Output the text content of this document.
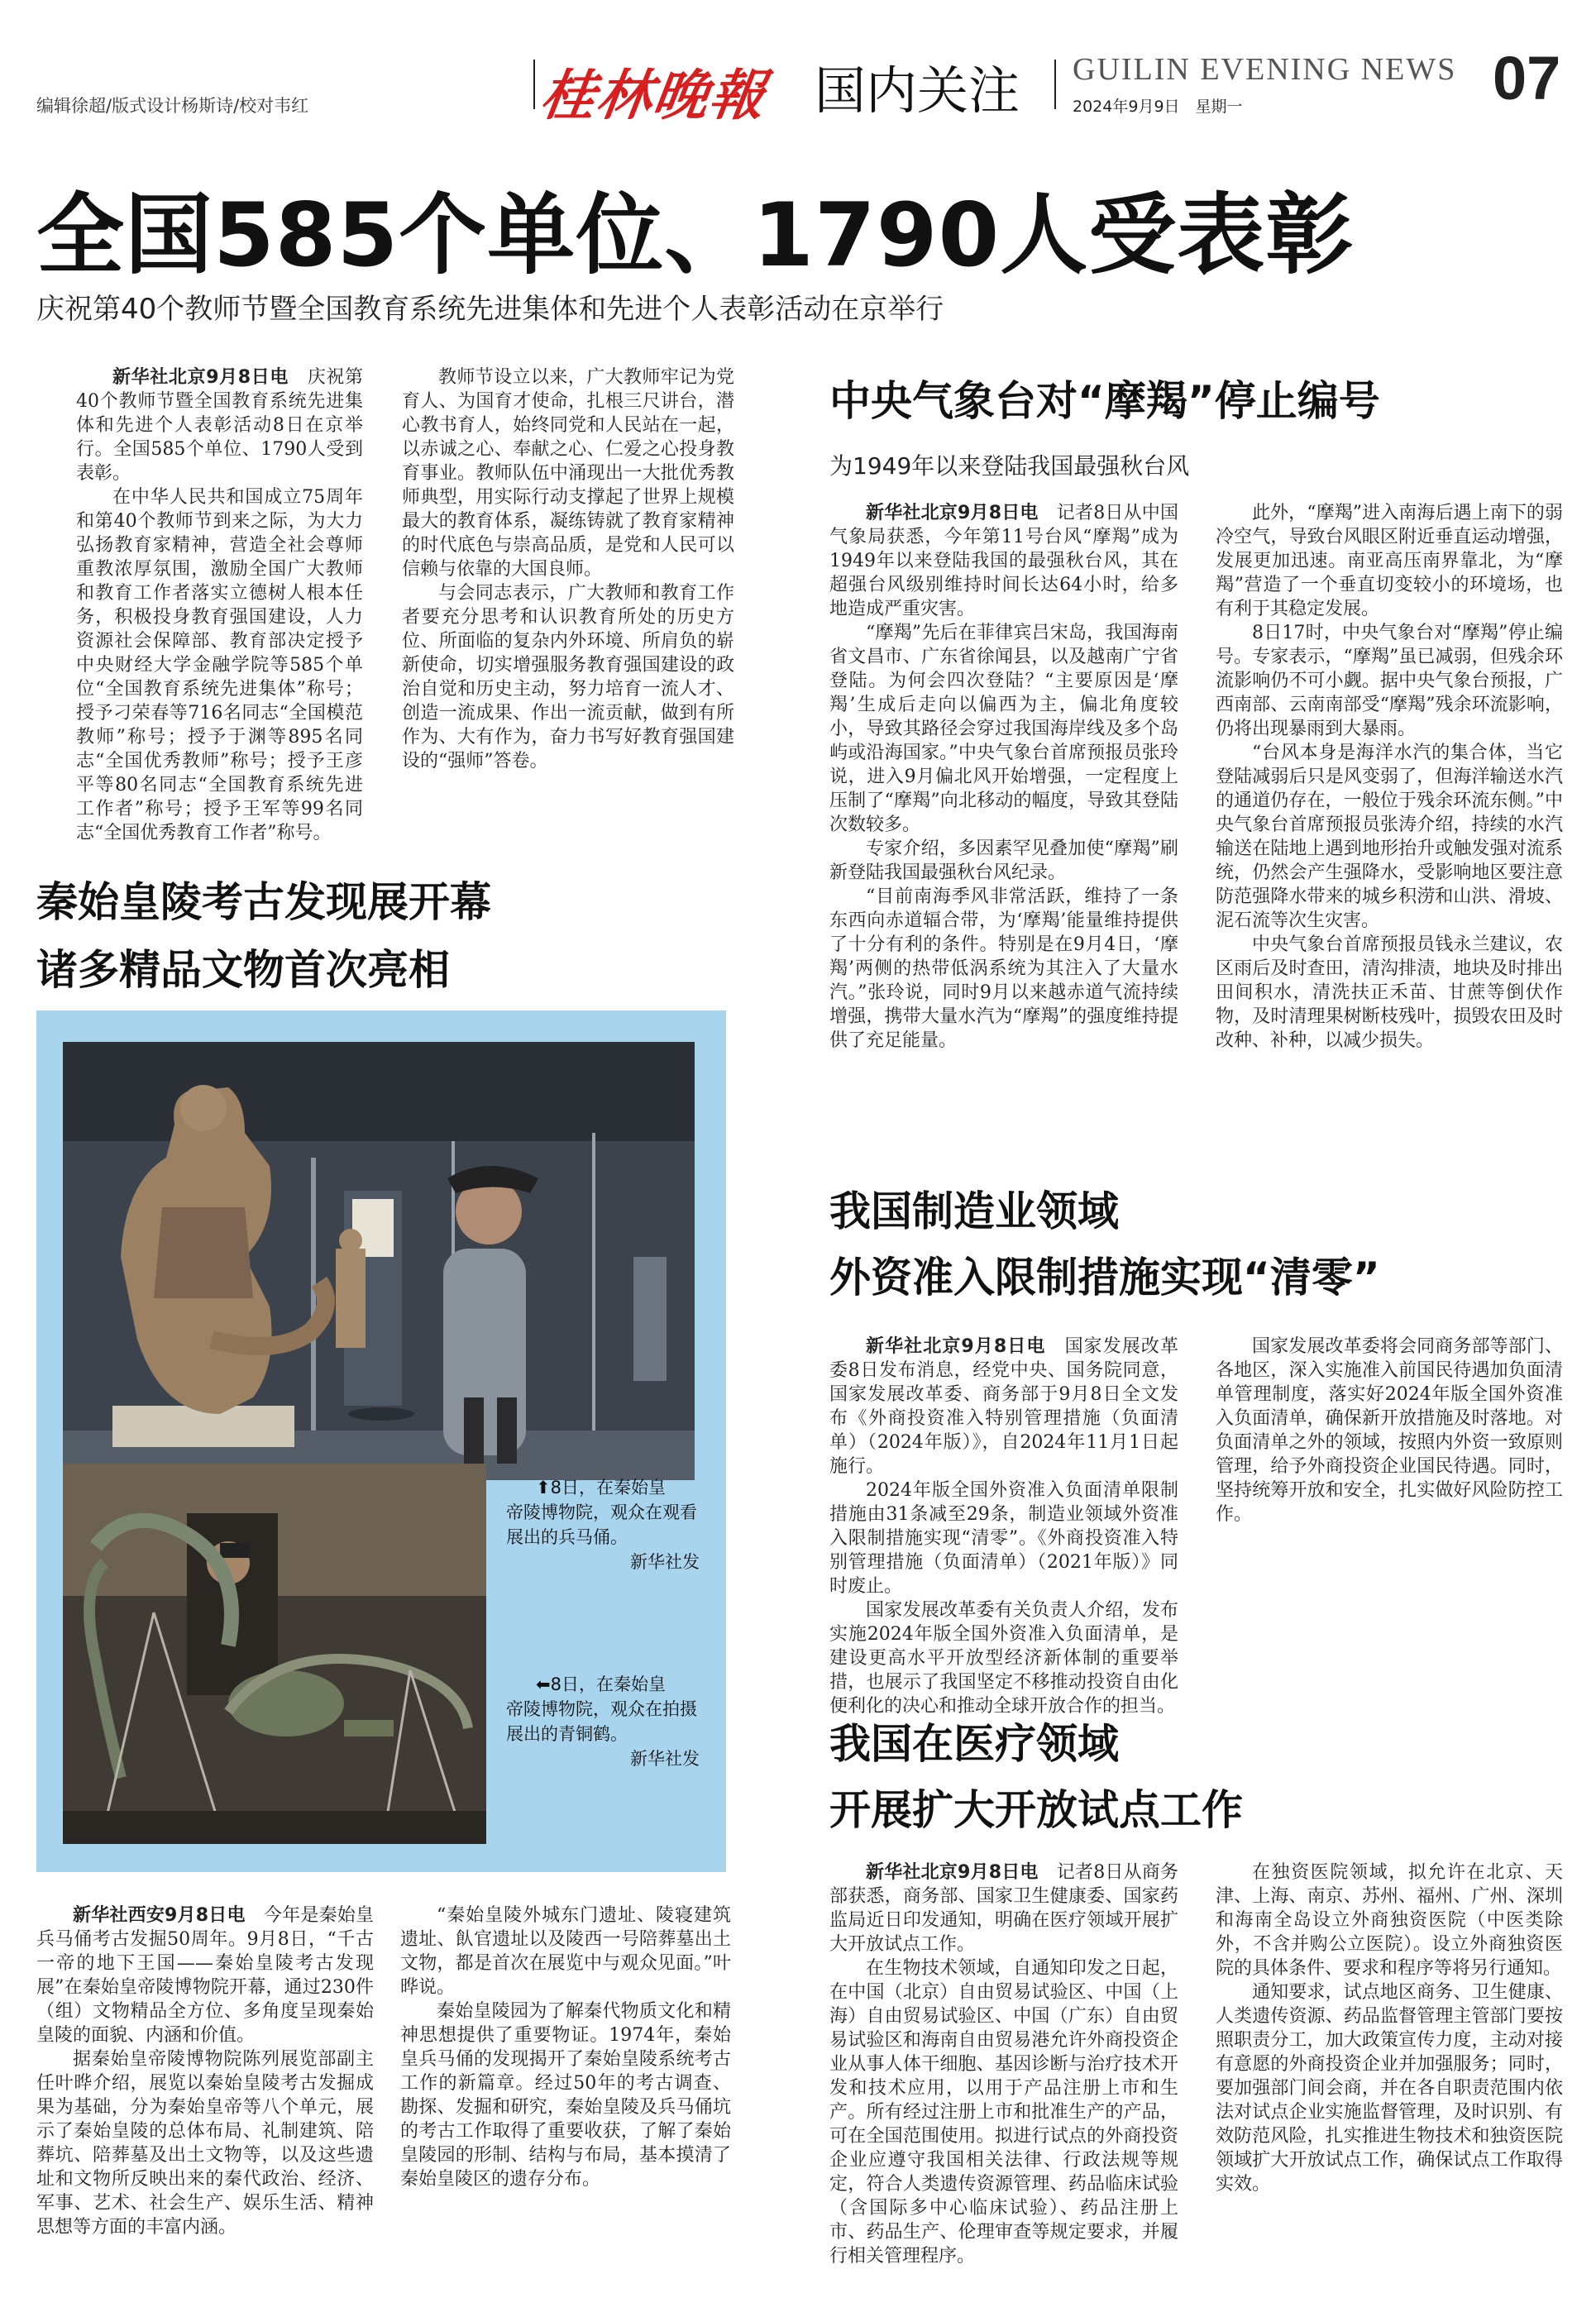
编辑徐超/版式设计杨斯诗/校对韦红	桂林晚報 国内关注 GUILIN EVENING NEWS
2024年9月9日　星期一	07
全国585个单位、1790人受表彰
庆祝第40个教师节暨全国教育系统先进集体和先进个人表彰活动在京举行

新华社北京9月8日电　 庆祝第40个教师节暨全国教育系统先进集体和先进个人表彰活动8日在京举行。全国585个单位、1790人受到表彰。

在中华人民共和国成立75周年和第40个教师节到来之际，为大力弘扬教育家精神，营造全社会尊师重教浓厚氛围，激励全国广大教师和教育工作者落实立德树人根本任务，积极投身教育强国建设，人力资源社会保障部、教育部决定授予中央财经大学金融学院等585个单位“全国教育系统先进集体”称号；授予刁荣春等716名同志“全国模范教师”称号；授予于渊等895名同志“全国优秀教师”称号；授予王彦平等80名同志“全国教育系统先进工作者”称号；授予王军等99名同志“全国优秀教育工作者”称号。

教师节设立以来，广大教师牢记为党育人、为国育才使命，扎根三尺讲台，潜心教书育人，始终同党和人民站在一起，以赤诚之心、奉献之心、仁爱之心投身教育事业。教师队伍中涌现出一大批优秀教师典型，用实际行动支撑起了世界上规模最大的教育体系，凝练铸就了教育家精神的时代底色与崇高品质，是党和人民可以信赖与依靠的大国良师。

与会同志表示，广大教师和教育工作者要充分思考和认识教育所处的历史方位、所面临的复杂内外环境、所肩负的崭新使命，切实增强服务教育强国建设的政治自觉和历史主动，努力培育一流人才、创造一流成果、作出一流贡献，做到有所作为、大有作为，奋力书写好教育强国建设的“强师”答卷。

秦始皇陵考古发现展开幕
诸多精品文物首次亮相
⬆8日，在秦始皇
帝陵博物院，观众在观看展出的兵马俑。
新华社发
⬅8日，在秦始皇
帝陵博物院，观众在拍摄展出的青铜鹤。
新华社发

新华社西安9月8日电　 今年是秦始皇兵马俑考古发掘50周年。9月8日，“千古一帝的地下王国——秦始皇陵考古发现展”在秦始皇帝陵博物院开幕，通过230件（组）文物精品全方位、多角度呈现秦始皇陵的面貌、内涵和价值。

据秦始皇帝陵博物院陈列展览部副主任叶晔介绍，展览以秦始皇陵考古发掘成果为基础，分为秦始皇帝等八个单元，展示了秦始皇陵的总体布局、礼制建筑、陪葬坑、陪葬墓及出土文物等，以及这些遗址和文物所反映出来的秦代政治、经济、军事、艺术、社会生产、娱乐生活、精神思想等方面的丰富内涵。

“秦始皇陵外城东门遗址、陵寝建筑遗址、飤官遗址以及陵西一号陪葬墓出土文物，都是首次在展览中与观众见面。”叶晔说。

秦始皇陵园为了解秦代物质文化和精神思想提供了重要物证。1974年，秦始皇兵马俑的发现揭开了秦始皇陵系统考古工作的新篇章。经过50年的考古调查、勘探、发掘和研究，秦始皇陵及兵马俑坑的考古工作取得了重要收获，了解了秦始皇陵园的形制、结构与布局，基本摸清了秦始皇陵区的遗存分布。

中央气象台对“摩羯”停止编号
为1949年以来登陆我国最强秋台风

新华社北京9月8日电　 记者8日从中国气象局获悉，今年第11号台风“摩羯”成为1949年以来登陆我国的最强秋台风，其在超强台风级别维持时间长达64小时，给多地造成严重灾害。

“摩羯”先后在菲律宾吕宋岛，我国海南省文昌市、广东省徐闻县，以及越南广宁省登陆。为何会四次登陆？“主要原因是‘摩羯’生成后走向以偏西为主，偏北角度较小，导致其路径会穿过我国海岸线及多个岛屿或沿海国家。”中央气象台首席预报员张玲说，进入9月偏北风开始增强，一定程度上压制了“摩羯”向北移动的幅度，导致其登陆次数较多。

专家介绍，多因素罕见叠加使“摩羯”刷新登陆我国最强秋台风纪录。

“目前南海季风非常活跃，维持了一条东西向赤道辐合带，为‘摩羯’能量维持提供了十分有利的条件。特别是在9月4日，‘摩羯’两侧的热带低涡系统为其注入了大量水汽。”张玲说，同时9月以来越赤道气流持续增强，携带大量水汽为“摩羯”的强度维持提供了充足能量。

此外，“摩羯”进入南海后遇上南下的弱冷空气，导致台风眼区附近垂直运动增强，发展更加迅速。南亚高压南界靠北，为“摩羯”营造了一个垂直切变较小的环境场，也有利于其稳定发展。

8日17时，中央气象台对“摩羯”停止编号。专家表示，“摩羯”虽已减弱，但残余环流影响仍不可小觑。据中央气象台预报，广西南部、云南南部受“摩羯”残余环流影响，仍将出现暴雨到大暴雨。

“台风本身是海洋水汽的集合体，当它登陆减弱后只是风变弱了，但海洋输送水汽的通道仍存在，一般位于残余环流东侧。”中央气象台首席预报员张涛介绍，持续的水汽输送在陆地上遇到地形抬升或触发强对流系统，仍然会产生强降水，受影响地区要注意防范强降水带来的城乡积涝和山洪、滑坡、泥石流等次生灾害。

中央气象台首席预报员钱永兰建议，农区雨后及时查田，清沟排渍，地块及时排出田间积水，清洗扶正禾苗、甘蔗等倒伏作物，及时清理果树断枝残叶，损毁农田及时改种、补种，以减少损失。

我国制造业领域
外资准入限制措施实现“清零”

新华社北京9月8日电　 国家发展改革委8日发布消息，经党中央、国务院同意，国家发展改革委、商务部于9月8日全文发布《外商投资准入特别管理措施（负面清单）（2024年版）》，自2024年11月1日起施行。

2024年版全国外资准入负面清单限制措施由31条减至29条，制造业领域外资准入限制措施实现“清零”。《外商投资准入特别管理措施（负面清单）（2021年版）》同时废止。

国家发展改革委有关负责人介绍，发布实施2024年版全国外资准入负面清单，是建设更高水平开放型经济新体制的重要举措，也展示了我国坚定不移推动投资自由化便利化的决心和推动全球开放合作的担当。

国家发展改革委将会同商务部等部门、各地区，深入实施准入前国民待遇加负面清单管理制度，落实好2024年版全国外资准入负面清单，确保新开放措施及时落地。对负面清单之外的领域，按照内外资一致原则管理，给予外商投资企业国民待遇。同时，坚持统筹开放和安全，扎实做好风险防控工作。

我国在医疗领域
开展扩大开放试点工作

新华社北京9月8日电　 记者8日从商务部获悉，商务部、国家卫生健康委、国家药监局近日印发通知，明确在医疗领域开展扩大开放试点工作。

在生物技术领域，自通知印发之日起，在中国（北京）自由贸易试验区、中国（上海）自由贸易试验区、中国（广东）自由贸易试验区和海南自由贸易港允许外商投资企业从事人体干细胞、基因诊断与治疗技术开发和技术应用，以用于产品注册上市和生产。所有经过注册上市和批准生产的产品，可在全国范围使用。拟进行试点的外商投资企业应遵守我国相关法律、行政法规等规定，符合人类遗传资源管理、药品临床试验（含国际多中心临床试验）、药品注册上市、药品生产、伦理审查等规定要求，并履行相关管理程序。

在独资医院领域，拟允许在北京、天津、上海、南京、苏州、福州、广州、深圳和海南全岛设立外商独资医院（中医类除外，不含并购公立医院）。设立外商独资医院的具体条件、要求和程序等将另行通知。

通知要求，试点地区商务、卫生健康、人类遗传资源、药品监督管理主管部门要按照职责分工，加大政策宣传力度，主动对接有意愿的外商投资企业并加强服务；同时，要加强部门间会商，并在各自职责范围内依法对试点企业实施监督管理，及时识别、有效防范风险，扎实推进生物技术和独资医院领域扩大开放试点工作，确保试点工作取得实效。
